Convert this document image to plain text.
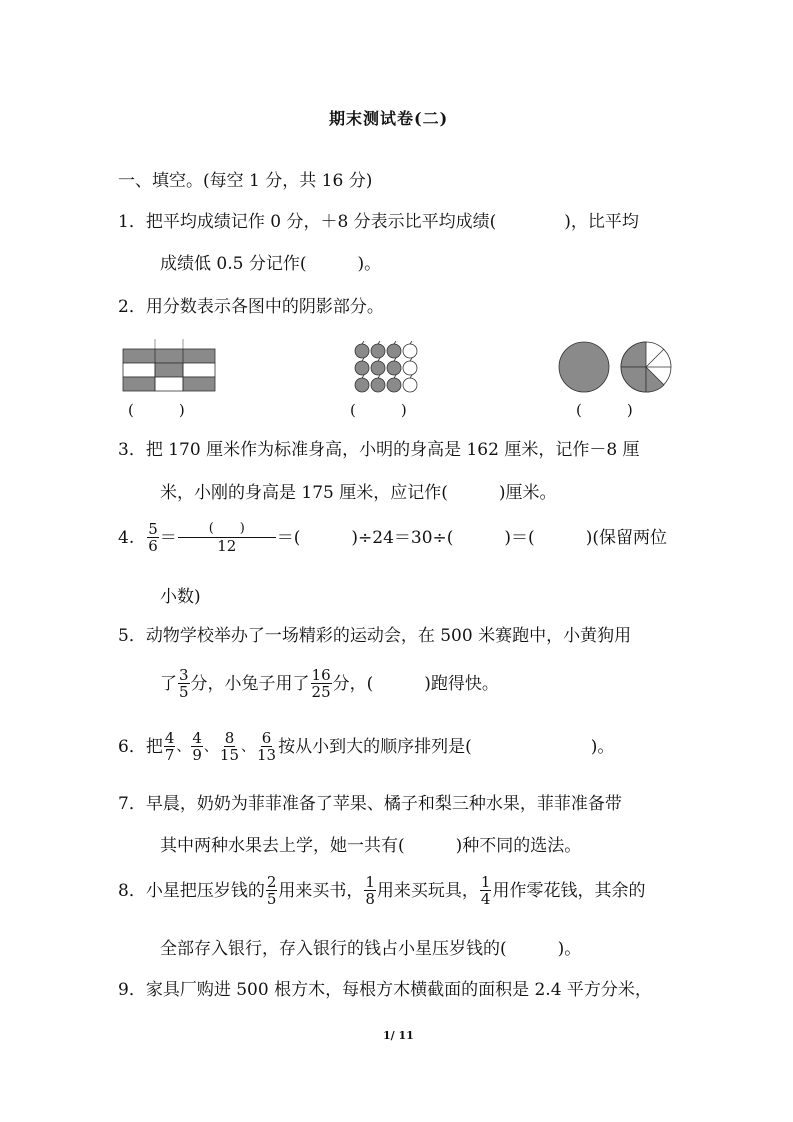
期末测试卷(二)
一、填空。(每空 1 分，共 16 分)
1．把平均成绩记作 0 分，＋8 分表示比平均成绩(　　　　)，比平均
成绩低 0.5 分记作(　　　)。
2．用分数表示各图中的阴影部分。
(　　　)	(　　　)	(　　　)
3．把 170 厘米作为标准身高，小明的身高是 162 厘米，记作－8 厘
米，小刚的身高是 175 厘米，应记作(　　　)厘米。
4. $\frac{5}{6} = \frac{( )}{12}$ ＝(　　　)÷24＝30÷(　　　)＝(　　　)(保留两位
小数)
5．动物学校举办了一场精彩的运动会，在 500 米赛跑中，小黄狗用
了 $\frac{3}{5}$ 分，小兔子用了 $\frac{16}{25}$ 分，(　　　)跑得快。
6．把 $\frac{4}{7}$ 、 $\frac{4}{9}$ 、 $\frac{8}{15}$ 、 $\frac{6}{13}$ 按从小到大的顺序排列是(　　　　　　　)。
7．早晨，奶奶为菲菲准备了苹果、橘子和梨三种水果，菲菲准备带
其中两种水果去上学，她一共有(　　　)种不同的选法。
8．小星把压岁钱的 $\frac{2}{5}$ 用来买书， $\frac{1}{8}$ 用来买玩具， $\frac{1}{4}$ 用作零花钱，其余的
全部存入银行，存入银行的钱占小星压岁钱的(　　　)。
9．家具厂购进 500 根方木，每根方木横截面的面积是 2.4 平方分米，
1/ 11
